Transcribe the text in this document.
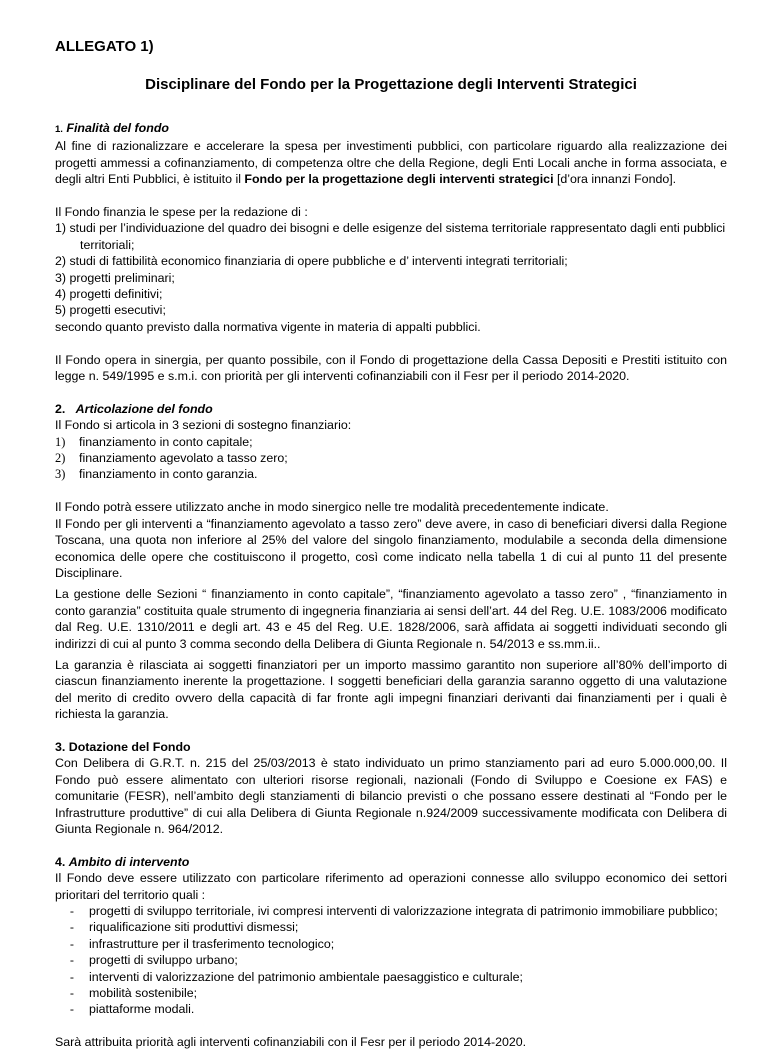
ALLEGATO 1)
Disciplinare del Fondo per la Progettazione degli Interventi Strategici

1. Finalità del fondo

Al fine di razionalizzare e accelerare la spesa per investimenti pubblici, con particolare riguardo alla realizzazione dei progetti ammessi a cofinanziamento, di competenza oltre che della Regione, degli Enti Locali anche in forma associata, e degli altri Enti Pubblici, è istituito il Fondo per la progettazione degli interventi strategici [d’ora innanzi Fondo].

Il Fondo finanzia le spese per la redazione di :

1) studi per l’individuazione del quadro dei bisogni e delle esigenze del sistema territoriale rappresentato dagli enti pubblici territoriali;

2) studi di fattibilità economico finanziaria di opere pubbliche e d’ interventi integrati territoriali;

3) progetti preliminari;

4) progetti definitivi;

5) progetti esecutivi;

secondo quanto previsto dalla normativa vigente in materia di appalti pubblici.

Il Fondo opera in sinergia, per quanto possibile, con il Fondo di progettazione della Cassa Depositi e Prestiti istituito con legge n. 549/1995 e s.m.i. con priorità per gli interventi cofinanziabili con il Fesr per il periodo 2014-2020.

2. Articolazione del fondo

Il Fondo si articola in 3 sezioni di sostegno finanziario:

1)	finanziamento in conto capitale;
2)	finanziamento agevolato a tasso zero;
3)	finanziamento in conto garanzia.

Il Fondo potrà essere utilizzato anche in modo sinergico nelle tre modalità precedentemente indicate.

Il Fondo per gli interventi a “finanziamento agevolato a tasso zero” deve avere, in caso di beneficiari diversi dalla Regione Toscana, una quota non inferiore al 25% del valore del singolo finanziamento, modulabile a seconda della dimensione economica delle opere che costituiscono il progetto, così come indicato nella tabella 1 di cui al punto 11 del presente Disciplinare.

La gestione delle Sezioni “ finanziamento in conto capitale”, “finanziamento agevolato a tasso zero” , “finanziamento in conto garanzia” costituita quale strumento di ingegneria finanziaria ai sensi dell’art. 44 del Reg. U.E. 1083/2006 modificato dal Reg. U.E. 1310/2011 e degli art. 43 e 45 del Reg. U.E. 1828/2006, sarà affidata ai soggetti individuati secondo gli indirizzi di cui al punto 3 comma secondo della Delibera di Giunta Regionale n. 54/2013 e ss.mm.ii..

La garanzia è rilasciata ai soggetti finanziatori per un importo massimo garantito non superiore all’80% dell’importo di ciascun finanziamento inerente la progettazione. I soggetti beneficiari della garanzia saranno oggetto di una valutazione del merito di credito ovvero della capacità di far fronte agli impegni finanziari derivanti dai finanziamenti per i quali è richiesta la garanzia.

3. Dotazione del Fondo

Con Delibera di G.R.T. n. 215 del 25/03/2013 è stato individuato un primo stanziamento pari ad euro 5.000.000,00. Il Fondo può essere alimentato con ulteriori risorse regionali, nazionali (Fondo di Sviluppo e Coesione ex FAS) e comunitarie (FESR), nell’ambito degli stanziamenti di bilancio previsti o che possano essere destinati al “Fondo per le Infrastrutture produttive” di cui alla Delibera di Giunta Regionale n.924/2009 successivamente modificata con Delibera di Giunta Regionale n. 964/2012.

4. Ambito di intervento

Il Fondo deve essere utilizzato con particolare riferimento ad operazioni connesse allo sviluppo economico dei settori prioritari del territorio quali :

-	progetti di sviluppo territoriale, ivi compresi interventi di valorizzazione integrata di patrimonio immobiliare pubblico;
-	riqualificazione siti produttivi dismessi;
-	infrastrutture per il trasferimento tecnologico;
-	progetti di sviluppo urbano;
-	interventi di valorizzazione del patrimonio ambientale paesaggistico e culturale;
-	mobilità sostenibile;
-	piattaforme modali.

Sarà attribuita priorità agli interventi cofinanziabili con il Fesr per il periodo 2014-2020.
